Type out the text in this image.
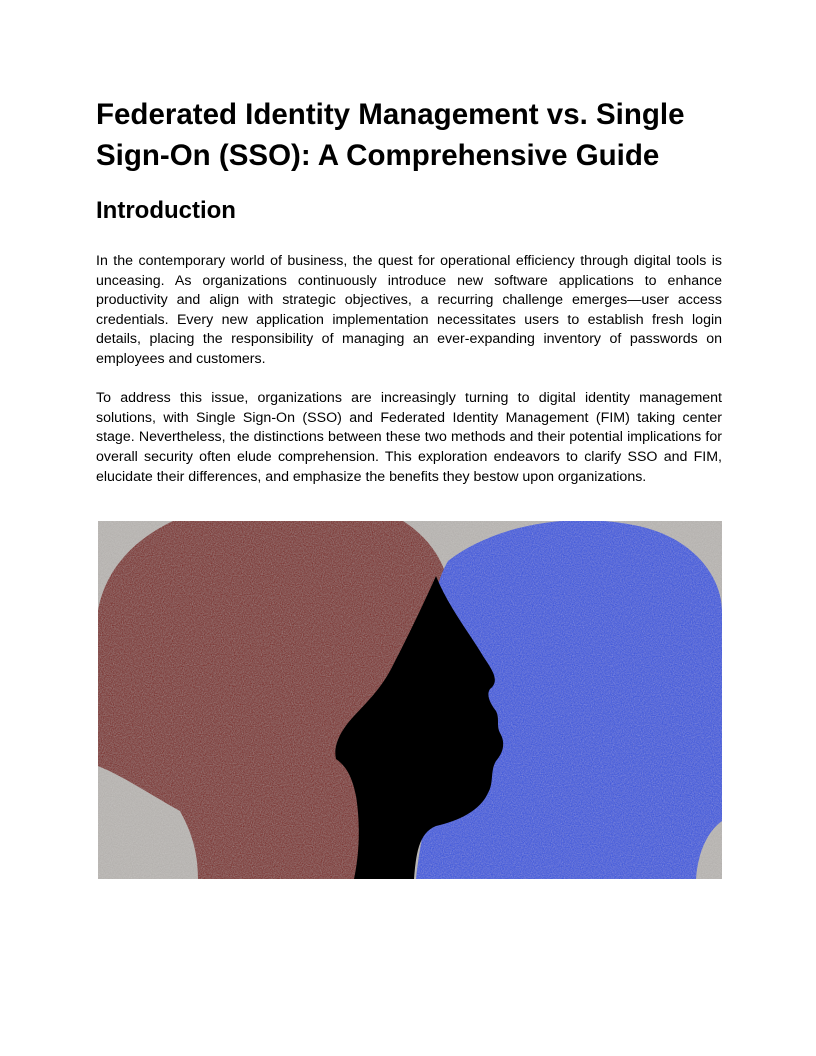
Federated Identity Management vs. Single Sign-On (SSO): A Comprehensive Guide
Introduction

In the contemporary world of business, the quest for operational efficiency through digital tools is unceasing. As organizations continuously introduce new software applications to enhance productivity and align with strategic objectives, a recurring challenge emerges—user access credentials. Every new application implementation necessitates users to establish fresh login details, placing the responsibility of managing an ever-expanding inventory of passwords on employees and customers.

To address this issue, organizations are increasingly turning to digital identity management solutions, with Single Sign-On (SSO) and Federated Identity Management (FIM) taking center stage. Nevertheless, the distinctions between these two methods and their potential implications for overall security often elude comprehension. This exploration endeavors to clarify SSO and FIM, elucidate their differences, and emphasize the benefits they bestow upon organizations.
